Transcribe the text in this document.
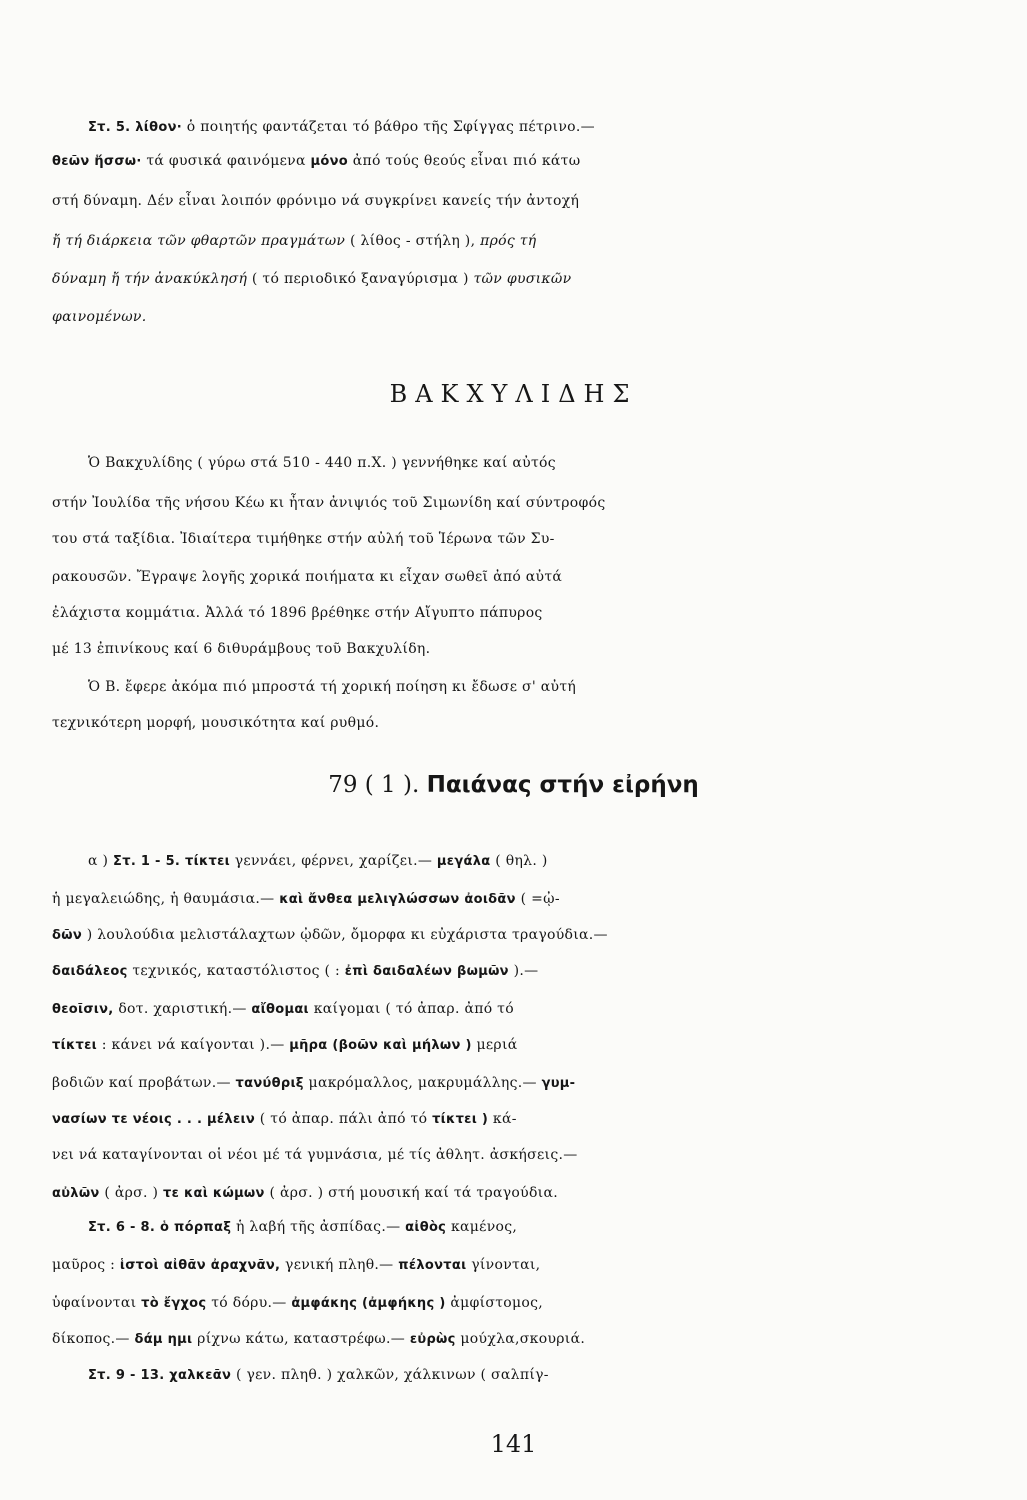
Στ. 5. λίθον· ὁ ποιητής φαντάζεται τό βάθρο τῆς Σφίγγας πέτρινο.—
θεῶν ἥσσω· τά φυσικά φαινόμενα μόνο ἀπό τούς θεούς εἶναι πιό κάτω
στή δύναμη. Δέν εἶναι λοιπόν φρόνιμο νά συγκρίνει κανείς τήν ἀντοχή
ἤ τή διάρκεια τῶν φθαρτῶν πραγμάτων ( λίθος - στήλη ), πρός τή
δύναμη ἤ τήν ἀνακύκλησή ( τό περιοδικό ξαναγύρισμα ) τῶν φυσικῶν
φαινομένων.
ΒΑΚΧΥΛΙΔΗΣ
Ὁ Βακχυλίδης ( γύρω στά 510 - 440 π.Χ. ) γεννήθηκε καί αὐτός
στήν Ἰουλίδα τῆς νήσου Κέω κι ἦταν ἀνιψιός τοῦ Σιμωνίδη καί σύντροφός
του στά ταξίδια. Ἰδιαίτερα τιμήθηκε στήν αὐλή τοῦ Ἱέρωνα τῶν Συ-
ρακουσῶν. Ἔγραψε λογῆς χορικά ποιήματα κι εἶχαν σωθεῖ ἀπό αὐτά
ἐλάχιστα κομμάτια. Ἀλλά τό 1896 βρέθηκε στήν Αἴγυπτο πάπυρος
μέ 13 ἐπινίκους καί 6 διθυράμβους τοῦ Βακχυλίδη.
Ὁ Β. ἔφερε ἀκόμα πιό μπροστά τή χορική ποίηση κι ἔδωσε σ' αὐτή
τεχνικότερη μορφή, μουσικότητα καί ρυθμό.
79 ( 1 ). Παιάνας στήν εἰρήνη
α ) Στ. 1 - 5. τίκτει γεννάει, φέρνει, χαρίζει.— μεγάλα ( θηλ. )
ἡ μεγαλειώδης, ἡ θαυμάσια.— καὶ ἄνθεα μελιγλώσσων ἀοιδᾶν ( =ᾠ-
δῶν ) λουλούδια μελιστάλαχτων ᾠδῶν, ὄμορφα κι εὐχάριστα τραγούδια.—
δαιδάλεος τεχνικός, καταστόλιστος ( : ἐπὶ δαιδαλέων βωμῶν ).—
θεοῖσιν, δοτ. χαριστική.— αἴθομαι καίγομαι ( τό ἀπαρ. ἀπό τό
τίκτει : κάνει νά καίγονται ).— μῆρα (βοῶν καὶ μήλων ) μεριά
βοδιῶν καί προβάτων.— τανύθριξ μακρόμαλλος, μακρυμάλλης.— γυμ-
νασίων τε νέοις . . . μέλειν ( τό ἀπαρ. πάλι ἀπό τό τίκτει ) κά-
νει νά καταγίνονται οἱ νέοι μέ τά γυμνάσια, μέ τίς ἀθλητ. ἀσκήσεις.—
αὐλῶν ( ἀρσ. ) τε καὶ κώμων ( ἀρσ. ) στή μουσική καί τά τραγούδια.
Στ. 6 - 8. ὁ πόρπαξ ἡ λαβή τῆς ἀσπίδας.— αἰθὸς καμένος,
μαῦρος : ἱστοὶ αἰθᾶν ἀραχνᾶν, γενική πληθ.— πέλονται γίνονται,
ὑφαίνονται τὸ ἔγχος τό δόρυ.— ἀμφάκης (ἀμφήκης ) ἀμφίστομος,
δίκοπος.— δάμ ημι ρίχνω κάτω, καταστρέφω.— εὐρὼς μούχλα,σκουριά.
Στ. 9 - 13. χαλκεᾶν ( γεν. πληθ. ) χαλκῶν, χάλκινων ( σαλπίγ-
141
